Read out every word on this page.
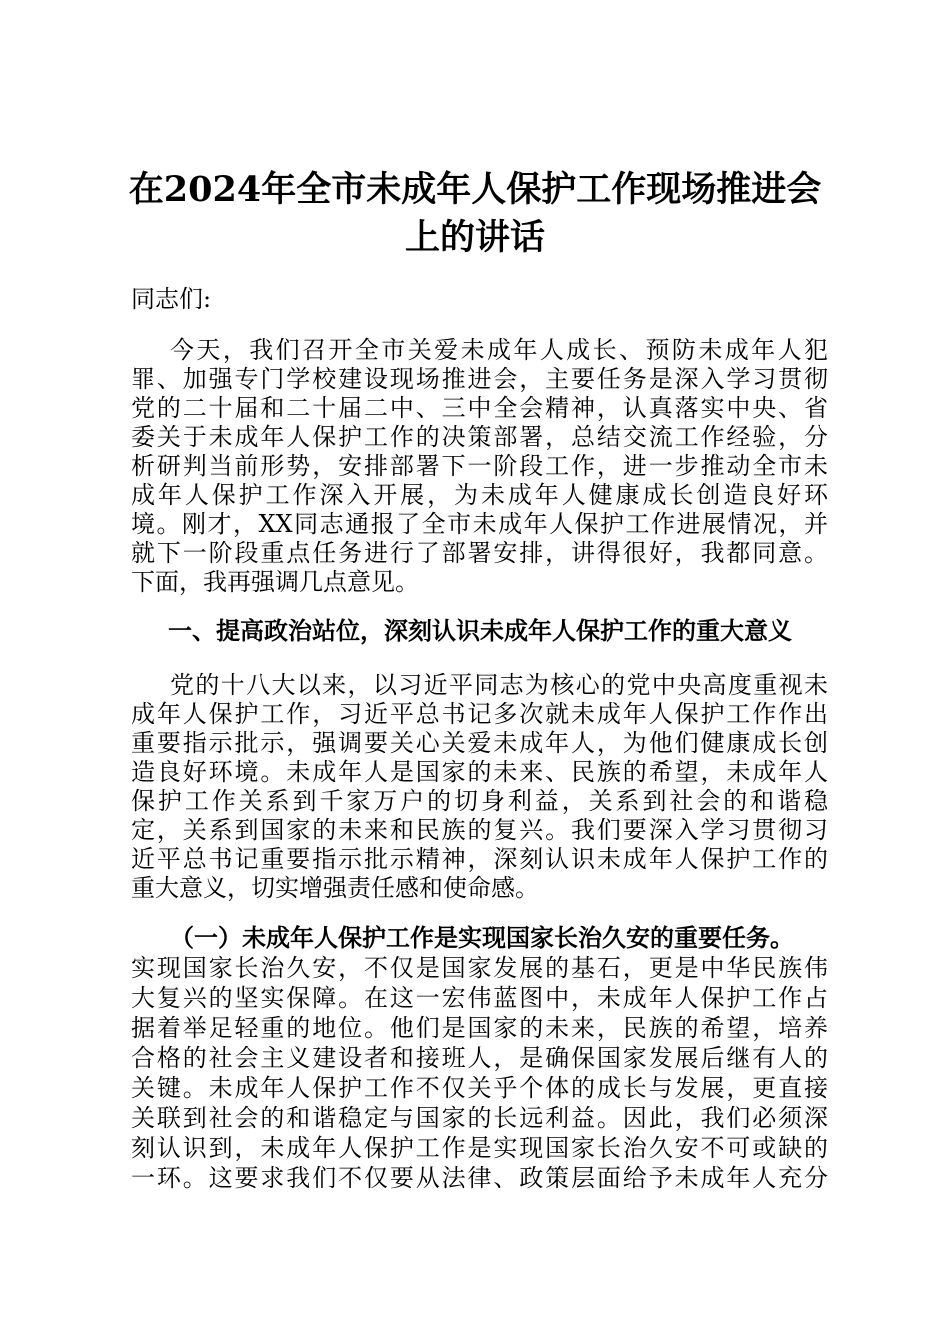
在2024年全市未成年人保护工作现场推进会
上的讲话
同志们:
今天，我们召开全市关爱未成年人成长、预防未成年人犯
罪、加强专门学校建设现场推进会，主要任务是深入学习贯彻
党的二十届和二十届二中、三中全会精神，认真落实中央、省
委关于未成年人保护工作的决策部署，总结交流工作经验，分
析研判当前形势，安排部署下一阶段工作，进一步推动全市未
成年人保护工作深入开展，为未成年人健康成长创造良好环
境。刚才，XX同志通报了全市未成年人保护工作进展情况，并
就下一阶段重点任务进行了部署安排，讲得很好，我都同意。
下面，我再强调几点意见。
一、提高政治站位，深刻认识未成年人保护工作的重大意义
党的十八大以来，以习近平同志为核心的党中央高度重视未
成年人保护工作，习近平总书记多次就未成年人保护工作作出
重要指示批示，强调要关心关爱未成年人，为他们健康成长创
造良好环境。未成年人是国家的未来、民族的希望，未成年人
保护工作关系到千家万户的切身利益，关系到社会的和谐稳
定，关系到国家的未来和民族的复兴。我们要深入学习贯彻习
近平总书记重要指示批示精神，深刻认识未成年人保护工作的
重大意义，切实增强责任感和使命感。
（一）未成年人保护工作是实现国家长治久安的重要任务。
实现国家长治久安，不仅是国家发展的基石，更是中华民族伟
大复兴的坚实保障。在这一宏伟蓝图中，未成年人保护工作占
据着举足轻重的地位。他们是国家的未来，民族的希望，培养
合格的社会主义建设者和接班人，是确保国家发展后继有人的
关键。未成年人保护工作不仅关乎个体的成长与发展，更直接
关联到社会的和谐稳定与国家的长远利益。因此，我们必须深
刻认识到，未成年人保护工作是实现国家长治久安不可或缺的
一环。这要求我们不仅要从法律、政策层面给予未成年人充分
